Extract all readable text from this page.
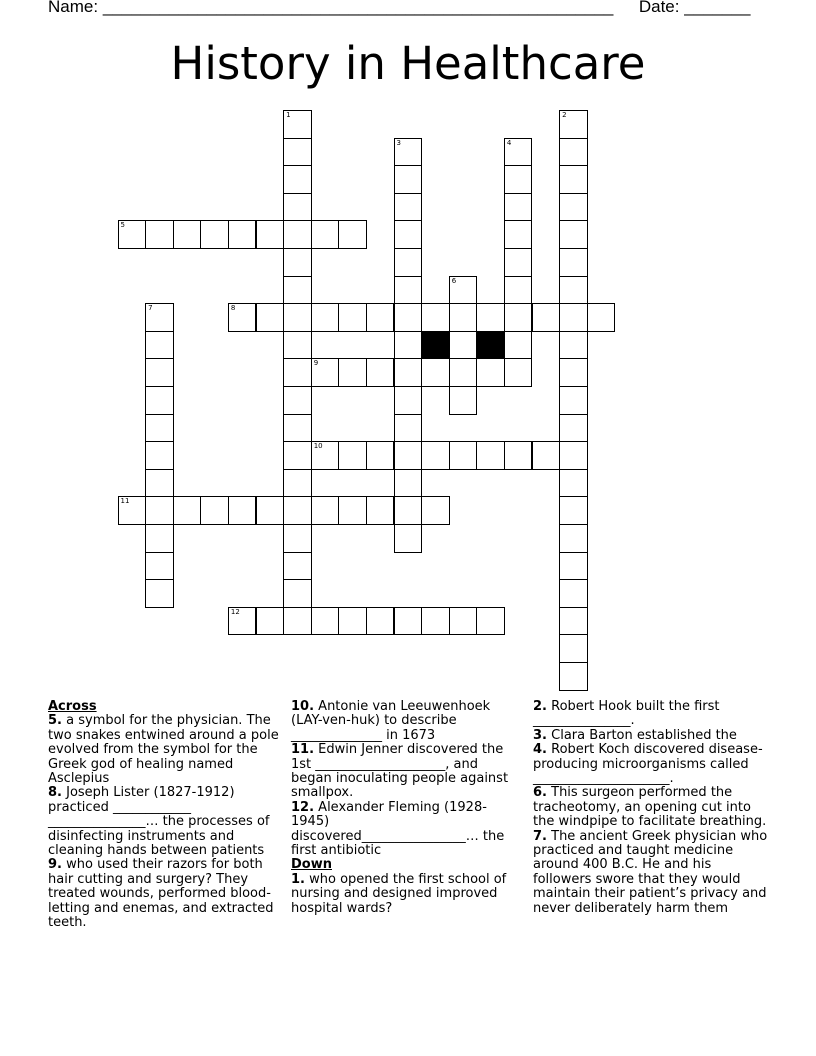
Name: ______________________________________________________ Date: _______
History in Healthcare
1	2
3	4
5
6
7	8
9
10
11
12
Across

5. a symbol for the physician. The two snakes entwined around a pole evolved from the symbol for the Greek god of healing named Asclepius

8. Joseph Lister (1827-1912) practiced ____________ _______________… the processes of disinfecting instruments and cleaning hands between patients

9. who used their razors for both hair cutting and surgery? They treated wounds, performed blood-letting and enemas, and extracted teeth.

10. Antonie van Leeuwenhoek (LAY-ven-huk) to describe ______________ in 1673

11. Edwin Jenner discovered the 1st ____________________, and began inoculating people against smallpox.

12. Alexander Fleming (1928-1945) discovered________________… the first antibiotic

Down

1. who opened the first school of nursing and designed improved hospital wards?

2. Robert Hook built the first _______________.

3. Clara Barton established the

4. Robert Koch discovered disease- producing microorganisms called _____________________.

6. This surgeon performed the tracheotomy, an opening cut into the windpipe to facilitate breathing.

7. The ancient Greek physician who practiced and taught medicine around 400 B.C. He and his followers swore that they would maintain their patient’s privacy and never deliberately harm them
